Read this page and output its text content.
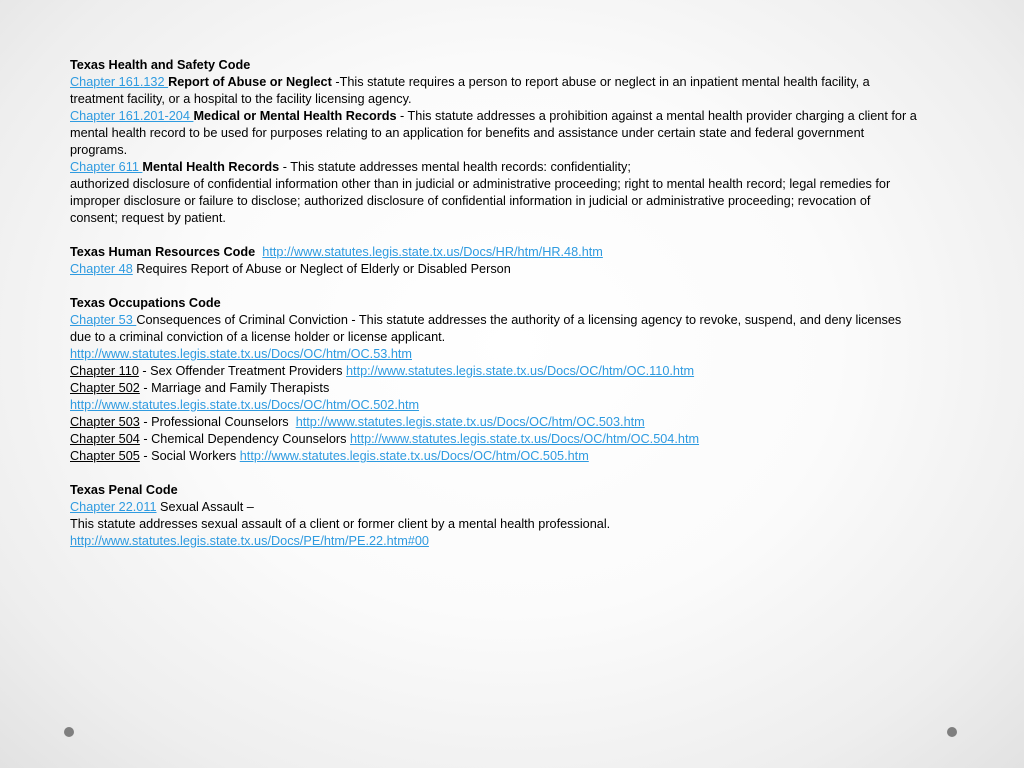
Texas Health and Safety Code

Chapter 161.132 Report of Abuse or Neglect -This statute requires a person to report abuse or neglect in an inpatient mental health facility, a treatment facility, or a hospital to the facility licensing agency.

Chapter 161.201-204 Medical or Mental Health Records - This statute addresses a prohibition against a mental health provider charging a client for a mental health record to be used for purposes relating to an application for benefits and assistance under certain state and federal government programs.

Chapter 611 Mental Health Records - This statute addresses mental health records: confidentiality;

authorized disclosure of confidential information other than in judicial or administrative proceeding; right to mental health record; legal remedies for improper disclosure or failure to disclose; authorized disclosure of confidential information in judicial or administrative proceeding; revocation of consent; request by patient.

Texas Human Resources Code http://www.statutes.legis.state.tx.us/Docs/HR/htm/HR.48.htm

Chapter 48 Requires Report of Abuse or Neglect of Elderly or Disabled Person

Texas Occupations Code

Chapter 53 Consequences of Criminal Conviction - This statute addresses the authority of a licensing agency to revoke, suspend, and deny licenses due to a criminal conviction of a license holder or license applicant.

http://www.statutes.legis.state.tx.us/Docs/OC/htm/OC.53.htm

Chapter 110 - Sex Offender Treatment Providers http://www.statutes.legis.state.tx.us/Docs/OC/htm/OC.110.htm

Chapter 502 - Marriage and Family Therapists

http://www.statutes.legis.state.tx.us/Docs/OC/htm/OC.502.htm

Chapter 503 - Professional Counselors  http://www.statutes.legis.state.tx.us/Docs/OC/htm/OC.503.htm

Chapter 504 - Chemical Dependency Counselors http://www.statutes.legis.state.tx.us/Docs/OC/htm/OC.504.htm

Chapter 505 - Social Workers http://www.statutes.legis.state.tx.us/Docs/OC/htm/OC.505.htm

Texas Penal Code

Chapter 22.011 Sexual Assault –

This statute addresses sexual assault of a client or former client by a mental health professional.

http://www.statutes.legis.state.tx.us/Docs/PE/htm/PE.22.htm#00
